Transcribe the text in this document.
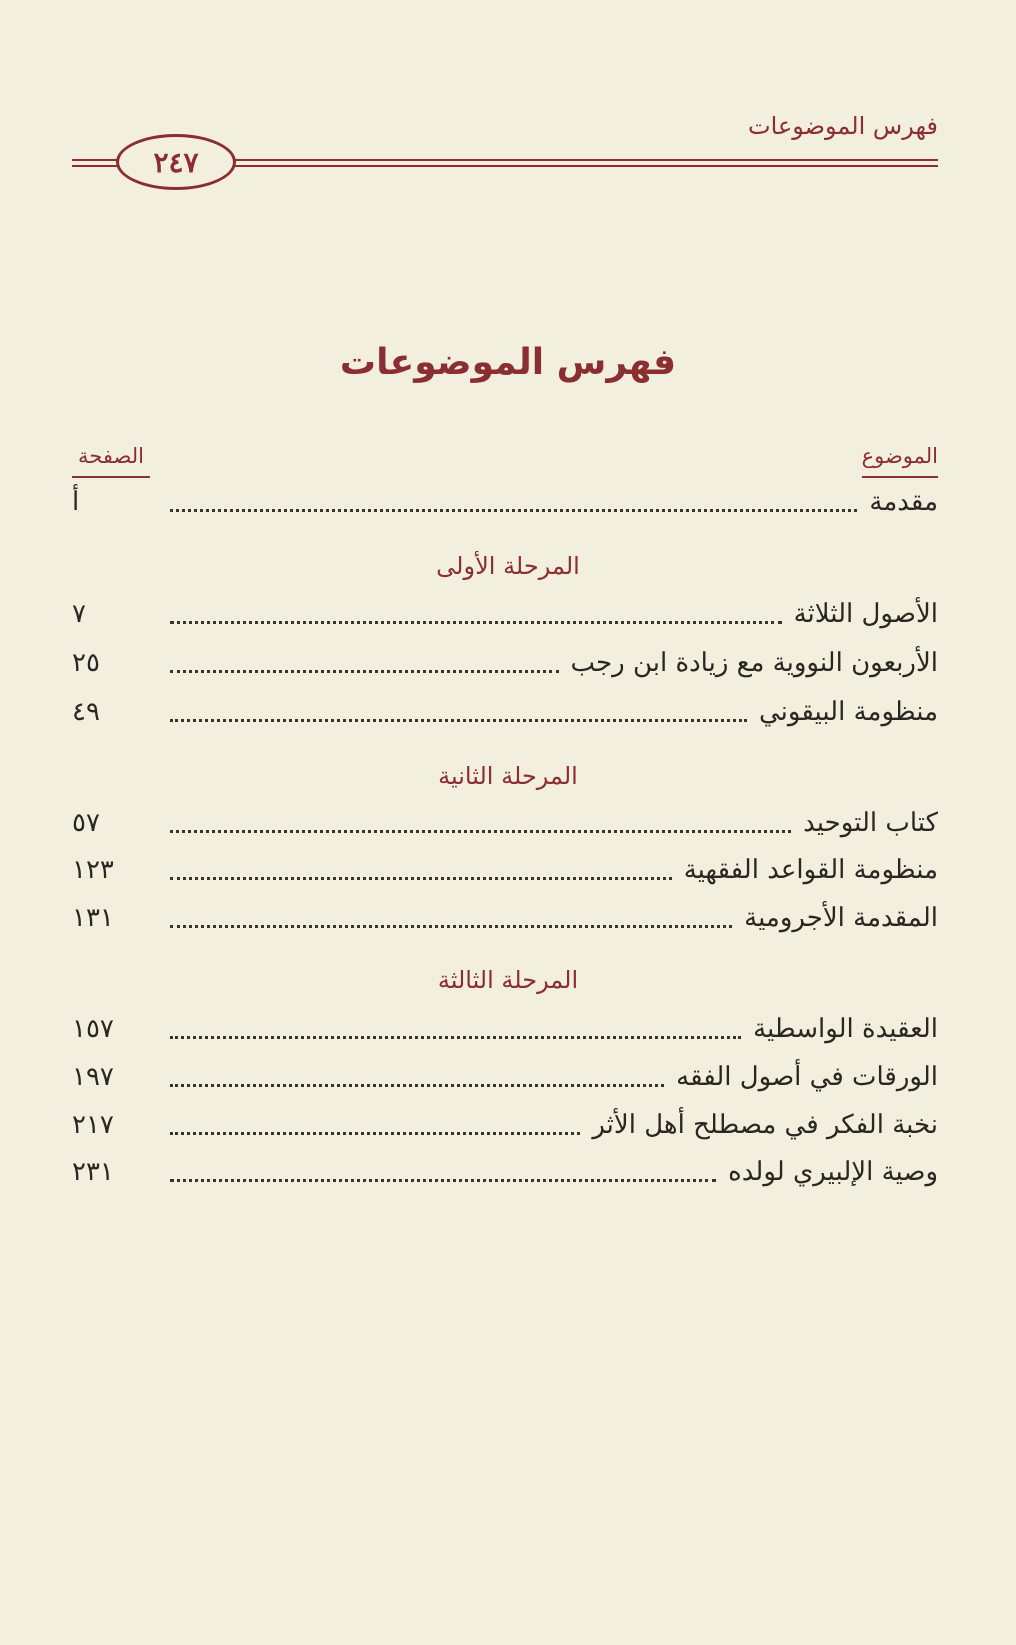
فهرس الموضوعات
٢٤٧
فهرس الموضوعات
الموضوع
الصفحة
أ	مقدمة
المرحلة الأولى
٧	الأصول الثلاثة
٢٥	الأربعون النووية مع زيادة ابن رجب
٤٩	منظومة البيقوني
المرحلة الثانية
٥٧	كتاب التوحيد
١٢٣	منظومة القواعد الفقهية
١٣١	المقدمة الأجرومية
المرحلة الثالثة
١٥٧	العقيدة الواسطية
١٩٧	الورقات في أصول الفقه
٢١٧	نخبة الفكر في مصطلح أهل الأثر
٢٣١	وصية الإلبيري لولده
